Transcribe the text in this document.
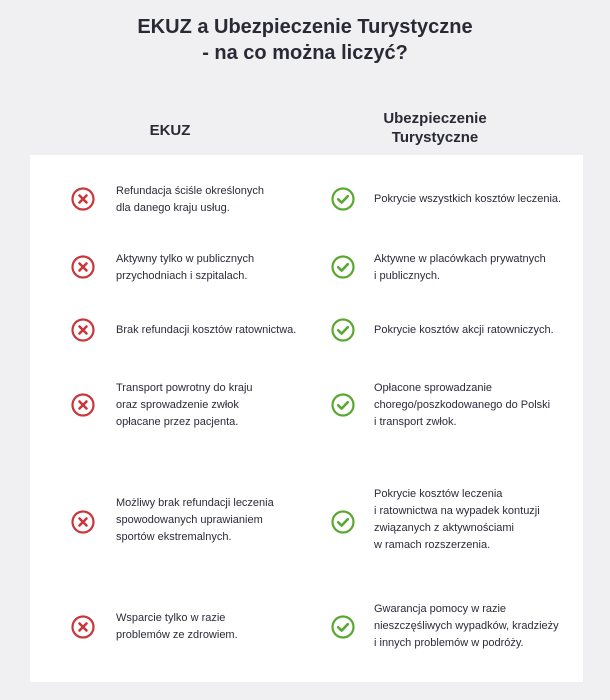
EKUZ a Ubezpieczenie Turystyczne
- na co można liczyć?
EKUZ
Ubezpieczenie
Turystyczne
Refundacja ściśle określonych
dla danego kraju usług.
Pokrycie wszystkich kosztów leczenia.
Aktywny tylko w publicznych
przychodniach i szpitalach.
Aktywne w placówkach prywatnych
i publicznych.
Brak refundacji kosztów ratownictwa.	Pokrycie kosztów akcji ratowniczych.
Transport powrotny do kraju
oraz sprowadzenie zwłok
opłacane przez pacjenta.
Opłacone sprowadzanie
chorego/poszkodowanego do Polski
i transport zwłok.
Możliwy brak refundacji leczenia
spowodowanych uprawianiem
sportów ekstremalnych.
Pokrycie kosztów leczenia
i ratownictwa na wypadek kontuzji
związanych z aktywnościami
w ramach rozszerzenia.
Wsparcie tylko w razie
problemów ze zdrowiem.
Gwarancja pomocy w razie
nieszczęśliwych wypadków, kradzieży
i innych problemów w podróży.
